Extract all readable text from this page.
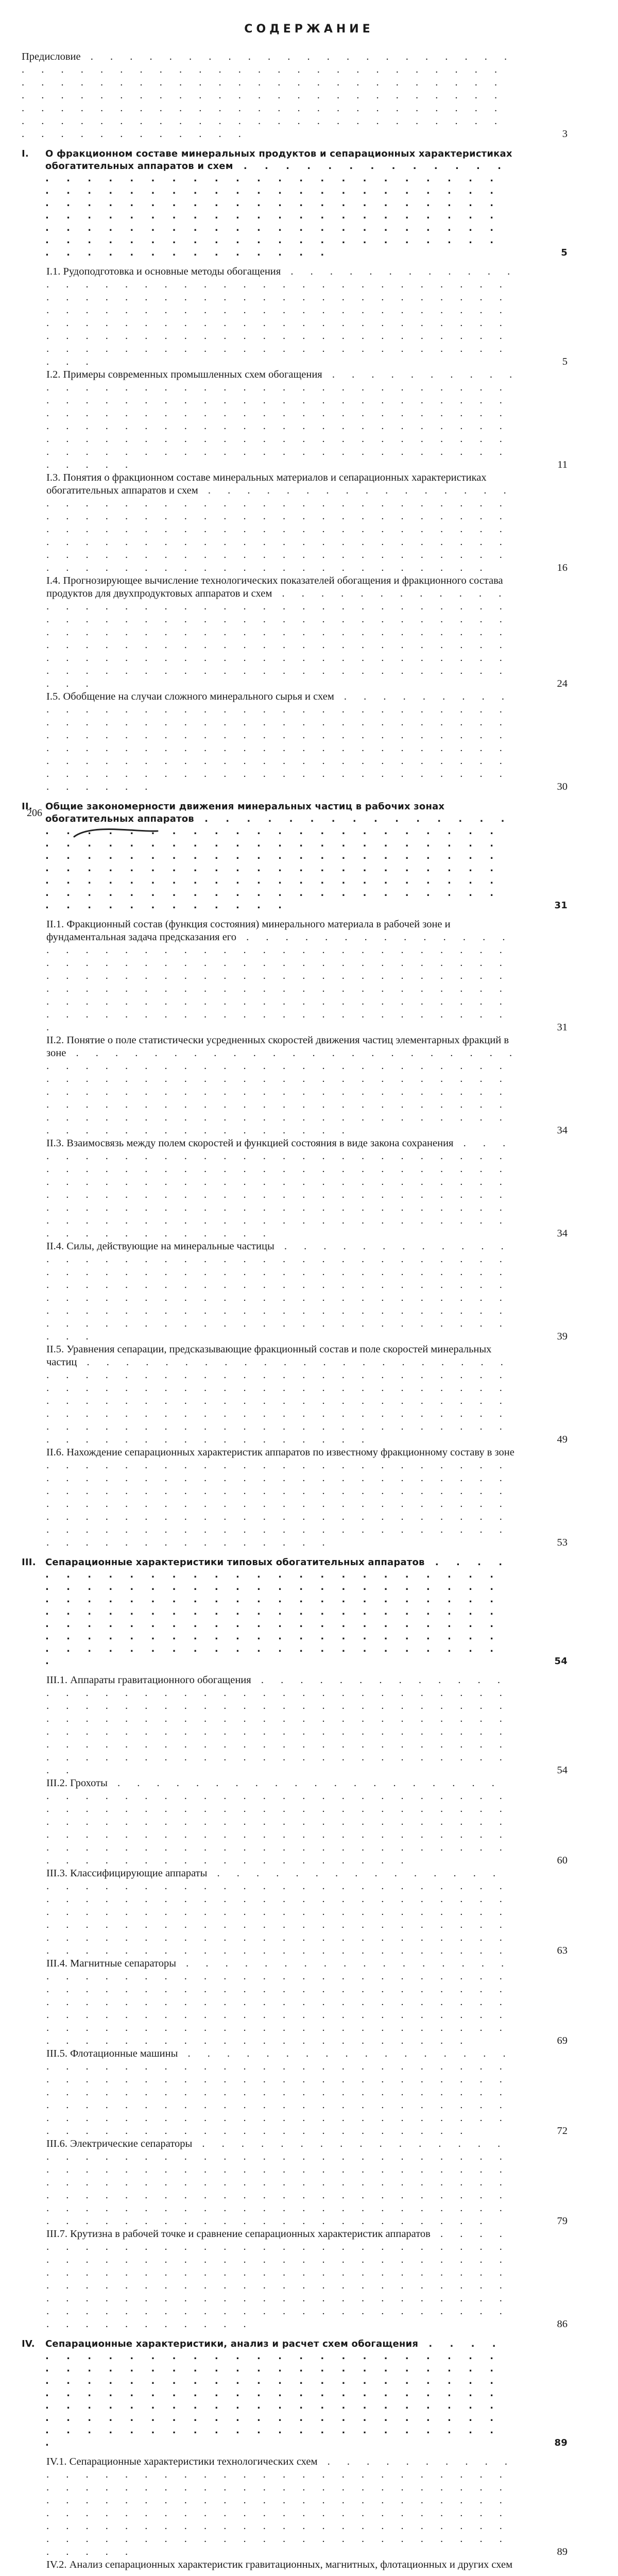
СОДЕРЖАНИЕ
Предисловие . . .
3
I. О фракционном составе минеральных продуктов и сепарационных характеристиках обогатительных аппаратов и схем . . .
5
I.1. Рудоподготовка и основные методы обогащения . . .
5
I.2. Примеры современных промышленных схем обогащения . . .
11
I.3. Понятия о фракционном составе минеральных материалов и сепарационных характеристиках обогатительных аппаратов и схем . . .
16
I.4. Прогнозирующее вычисление технологических показателей обогащения и фракционного состава продуктов для двухпродуктовых аппаратов и схем . . .
24
I.5. Обобщение на случаи сложного минерального сырья и схем . . .
30
II. Общие закономерности движения минеральных частиц в рабочих зонах обогатительных аппаратов . . .
31
II.1. Фракционный состав (функция состояния) минерального материала в рабочей зоне и фундаментальная задача предсказания его . . .
31
II.2. Понятие о поле статистически усредненных скоростей движения частиц элементарных фракций в зоне . . .
34
II.3. Взаимосвязь между полем скоростей и функцией состояния в виде закона сохранения . . .
34
II.4. Силы, действующие на минеральные частицы . . .
39
II.5. Уравнения сепарации, предсказывающие фракционный состав и поле скоростей минеральных частиц . . .
49
II.6. Нахождение сепарационных характеристик аппаратов по известному фракционному составу в зоне . . .
53
III. Сепарационные характеристики типовых обогатительных аппаратов . . .
54
III.1. Аппараты гравитационного обогащения . . .
54
III.2. Грохоты . . .
60
III.3. Классифицирующие аппараты . . .
63
III.4. Магнитные сепараторы . . .
69
III.5. Флотационные машины . . .
72
III.6. Электрические сепараторы . . .
79
III.7. Крутизна в рабочей точке и сравнение сепарационных характеристик аппаратов . . .
86
IV. Сепарационные характеристики, анализ и расчет схем обогащения . . .
89
IV.1. Сепарационные характеристики технологических схем . . .
89
IV.2. Анализ сепарационных характеристик гравитационных, магнитных, флотационных и других схем . . .
206
